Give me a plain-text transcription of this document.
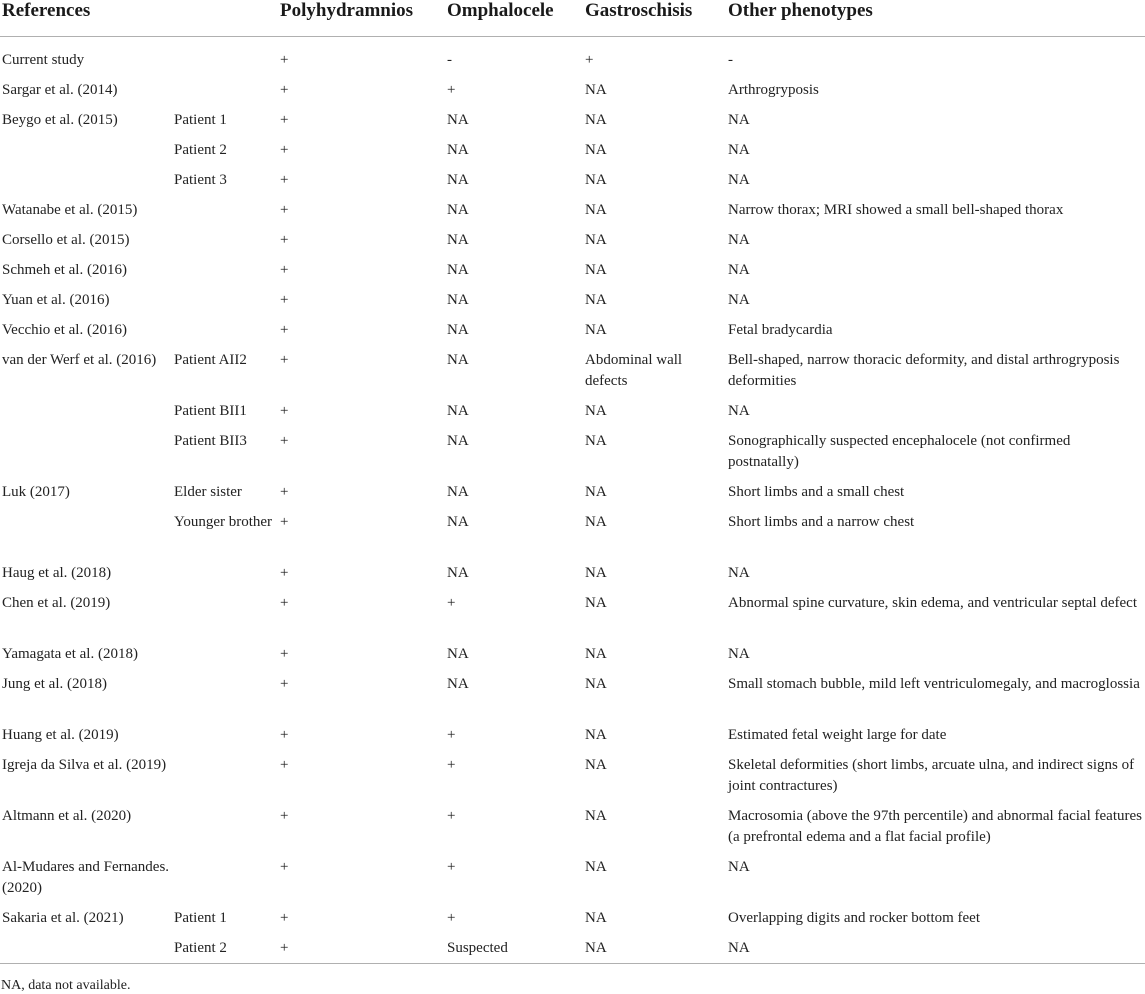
References		Polyhydramnios	Omphalocele	Gastroschisis	Other phenotypes

Current study		+	-	+	-
Sargar et al. (2014)		+	+	NA	Arthrogryposis
Beygo et al. (2015)	Patient 1	+	NA	NA	NA
	Patient 2	+	NA	NA	NA
	Patient 3	+	NA	NA	NA
Watanabe et al. (2015)		+	NA	NA	Narrow thorax; MRI showed a small bell-shaped thorax
Corsello et al. (2015)		+	NA	NA	NA
Schmeh et al. (2016)		+	NA	NA	NA
Yuan et al. (2016)		+	NA	NA	NA
Vecchio et al. (2016)		+	NA	NA	Fetal bradycardia
van der Werf et al. (2016)	Patient AII2	+	NA	Abdominal wall defects	Bell-shaped, narrow thoracic deformity, and distal arthrogryposis deformities
	Patient BII1	+	NA	NA	NA
	Patient BII3	+	NA	NA	Sonographically suspected encephalocele (not confirmed postnatally)
Luk (2017)	Elder sister	+	NA	NA	Short limbs and a small chest
	Younger brother	+	NA	NA	Short limbs and a narrow chest
Haug et al. (2018)		+	NA	NA	NA
Chen et al. (2019)		+	+	NA	Abnormal spine curvature, skin edema, and ventricular septal defect
Yamagata et al. (2018)		+	NA	NA	NA
Jung et al. (2018)		+	NA	NA	Small stomach bubble, mild left ventriculomegaly, and macroglossia
Huang et al. (2019)		+	+	NA	Estimated fetal weight large for date
Igreja da Silva et al. (2019)		+	+	NA	Skeletal deformities (short limbs, arcuate ulna, and indirect signs of joint contractures)
Altmann et al. (2020)		+	+	NA	Macrosomia (above the 97th percentile) and abnormal facial features (a prefrontal edema and a flat facial profile)
Al-Mudares and Fernandes. (2020)		+	+	NA	NA
Sakaria et al. (2021)	Patient 1	+	+	NA	Overlapping digits and rocker bottom feet
	Patient 2	+	Suspected	NA	NA

NA, data not available.
